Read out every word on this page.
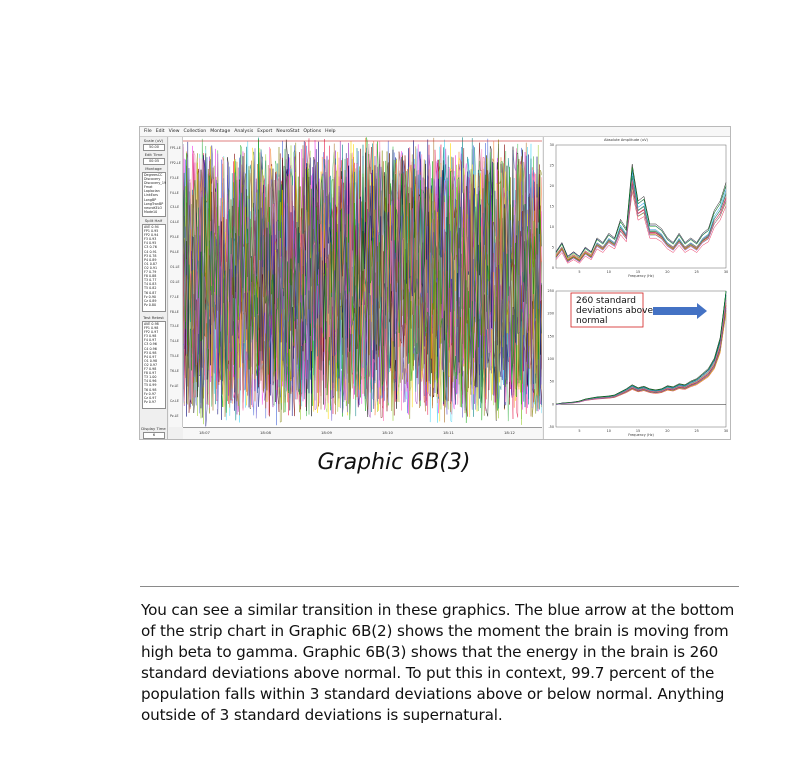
File Edit View Collection Montage Analysis Export NeuroStat Options Help
Scale (uV)
50.00
Edit Time
00:05
Montage
DegreesCC
Discovery
Discovery_19
Fmat
Laplacian
LinkEars
LongBP
LongTranBP
neuroKELO
Mode10
Split Half
AVE 0.94
FP1 0.95
FP2 0.94
F3 0.93
F4 0.95
C3 0.76
C4 0.91
P3 0.78
P4 0.89
O1 0.87
O2 0.91
F7 0.79
F8 0.88
T3 0.77
T4 0.83
T5 0.82
T6 0.87
Fz 0.90
Cz 0.89
Pz 0.80
Test Retest
AVE 0.98
FP1 0.98
FP2 0.97
F3 0.98
F4 0.97
C3 0.96
C4 0.96
P3 0.98
P4 0.97
O1 0.98
O2 0.97
F7 0.98
F8 0.97
T3 1.00
T4 0.96
T5 0.99
T6 0.98
Fz 0.97
Cz 0.97
Pz 0.97
Display Time
6
FP1-LE
FP2-LE
F3-LE
F4-LE
C3-LE
C4-LE
P3-LE
P4-LE
O1-LE
O2-LE
F7-LE
F8-LE
T3-LE
T4-LE
T5-LE
T6-LE
Fz-LE
Cz-LE
Pz-LE
18:07	18:08	18:09	18:10	18:11	18:12
Absolute Amplitude (uV)
5	10	15	20	25	30
0
5
10
15
20
25
30
Frequency (Hz)
5	10	15	20	25	30
-50
0
50
100
150
200
250
Frequency (Hz)
260 standard
deviations above
normal
Graphic 6B(3)

You can see a similar transition in these graphics. The blue arrow at the bottom of the strip chart in Graphic 6B(2) shows the moment the brain is moving from high beta to gamma. Graphic 6B(3) shows that the energy in the brain is 260 standard deviations above normal. To put this in context, 99.7 percent of the population falls within 3 standard deviations above or below normal. Anything outside of 3 standard deviations is supernatural.
